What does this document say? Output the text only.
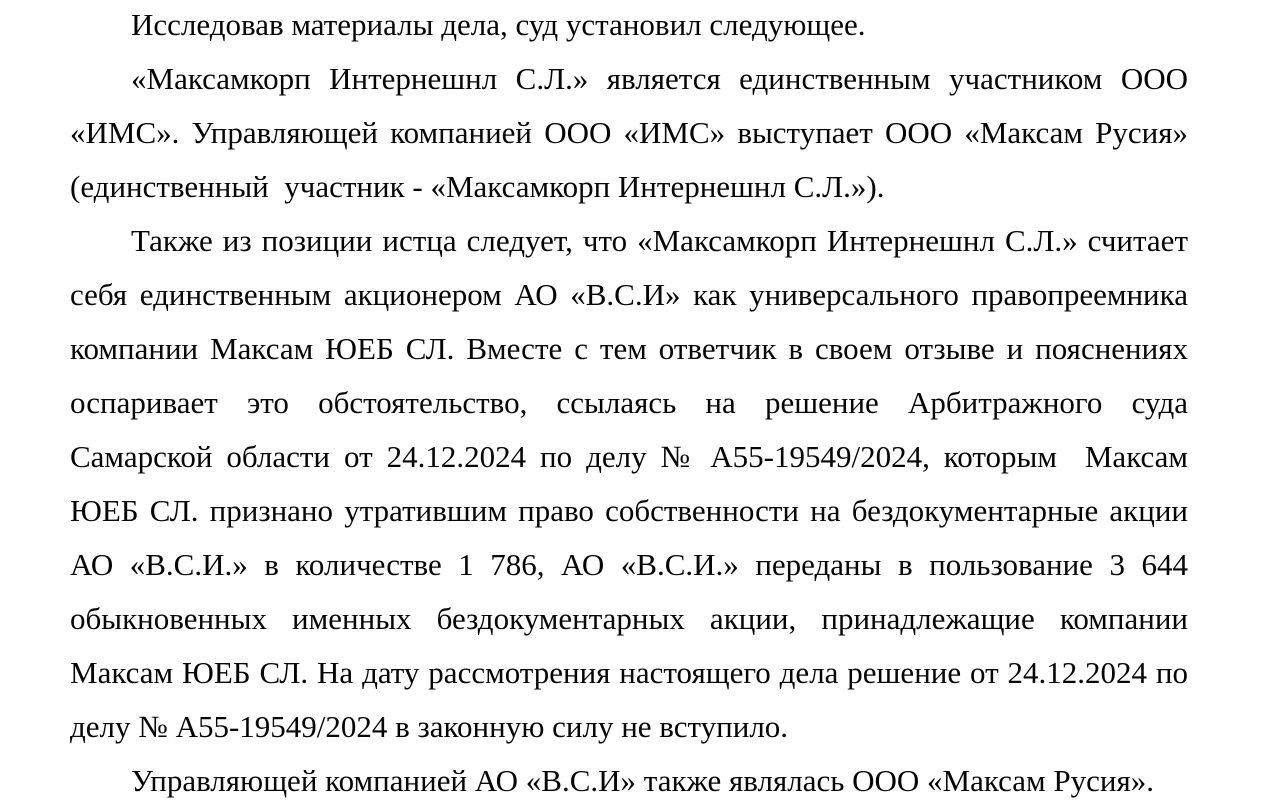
Исследовав материалы дела, суд установил следующее.
«Максамкорп Интернешнл С.Л.» является единственным участником ООО
«ИМС». Управляющей компанией ООО «ИМС» выступает ООО «Максам Русия»
(единственный  участник - «Максамкорп Интернешнл С.Л.»).
Также из позиции истца следует, что «Максамкорп Интернешнл С.Л.» считает
себя единственным акционером АО «В.С.И» как универсального правопреемника
компании Максам ЮЕБ СЛ. Вместе с тем ответчик в своем отзыве и пояснениях
оспаривает это обстоятельство, ссылаясь на решение Арбитражного суда
Самарской области от 24.12.2024 по делу № А55-19549/2024, которым  Максам
ЮЕБ СЛ. признано утратившим право собственности на бездокументарные акции
АО «В.С.И.» в количестве 1 786, АО «В.С.И.» переданы в пользование 3 644
обыкновенных именных бездокументарных акции, принадлежащие компании
Максам ЮЕБ СЛ. На дату рассмотрения настоящего дела решение от 24.12.2024 по
делу № А55-19549/2024 в законную силу не вступило.
Управляющей компанией АО «В.С.И» также являлась ООО «Максам Русия».
